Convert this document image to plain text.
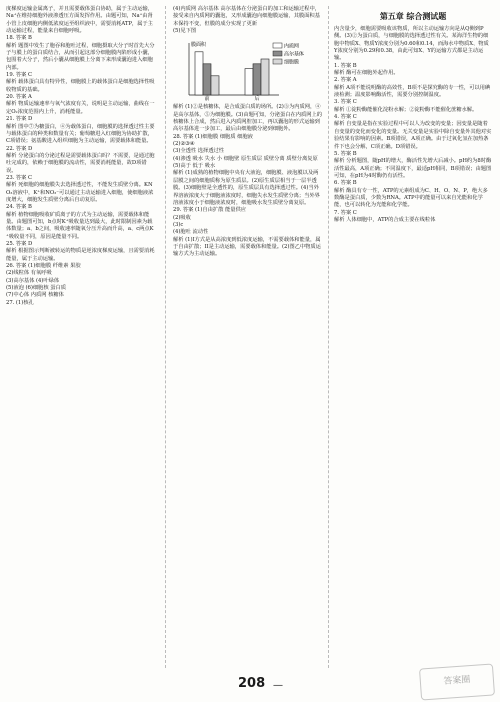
度梯度运输金属离子，并且需要载体蛋白协助，属于主动运输，

Na⁺在维持细胞外液渗透压方面发挥作用。由题可知，Na⁺由肾小管上皮细胞内侧低浓度运至组织液中，需要消耗ATP，属于主动运输过程，能量来自细胞呼吸。

18. 答案 B

解析 题图中发生了胞吞和胞吐过程，细胞摄取大分子时首先大分子与膜上的蛋白质结合，从而引起这部分细胞膜内陷形成小囊，包围着大分子，然后小囊从细胞膜上分离下来形成囊泡进入细胞内部。

19. 答案 C

解析 载体蛋白具有特异性，细胞膜上的载体蛋白是细胞选择性吸收物质的基础。

20. 答案 A

解析 物质运输速率与氧气浓度有关，说明是主动运输，曲线在一定O₂浓度范围内上升，消耗能量。

21. 答案 D

解析 图中⑦为糖蛋白，④为载体蛋白，细胞膜的选择透过性主要与载体蛋白的种类和数量有关；葡萄糖进入红细胞为协助扩散，C项错误；氨基酸进入组织细胞为主动运输，需要载体和能量。

22. 答案 D

解析 分泌蛋白的分泌过程是需要载体蛋白吗？不需要，是通过胞吐完成的，依赖于细胞膜的流动性，需要消耗能量，故D项错误。

23. 答案 C

解析 死细胞的细胞膜失去选择透过性，不能发生质壁分离。KNO₃溶液中，K⁺和NO₃⁻可以通过主动运输进入细胞，使细胞液浓度增大，细胞发生质壁分离后自动复原。

24. 答案 B

解析 植物细胞吸收矿质离子的方式为主动运输，需要载体和能量。由题图可知，b点时K⁺吸收量达到最大，此时限制因素为载体数量；a、b之间，吸收速率随氧分压升高而升高，a、c两点K⁺吸收量不同，原因是能量不同。

25. 答案 D

解析 根据图示判断被转运的物质是逆浓度梯度运输，且需要消耗能量，属于主动运输。

26. 答案 (1)细胞膜 纤维素 果胶

(2)线粒体 有氧呼吸

(3)高尔基体 (4)叶绿体

(5)液泡 (6)细胞核 蛋白质

(7)中心体 内质网 核糖体

27. (1)核孔

(4)内质网 高尔基体 高尔基体在分泌蛋白的加工和运输过程中，接受来自内质网的囊泡，又形成囊泡向细胞膜运输，其膜面积基本保持不变，但膜的成分实现了更新

(5)见下图

膜面积
前	后
内质网
高尔基体
细胞膜

解析 (1)②是核糖体，是合成蛋白质的场所。(2)③为内质网，④是高尔基体，⑤为细胞膜。(3)由题可知，分泌蛋白在内质网上的核糖体上合成，然后进入内质网腔加工，再以囊泡的形式运输到高尔基体进一步加工，最后由细胞膜分泌到细胞外。

28. 答案 (1)细胞膜 细胞质 细胞液

(2)②③④

(3)全透性 选择透过性

(4)渗透 吸水 失水 小 细胞壁 原生质层 质壁分离 质壁分离复原

(5)高于 低于 吸水

解析 (1)成熟的植物细胞中央有大液泡，细胞膜、液泡膜以及两层膜之间的细胞质称为原生质层。(2)原生质层相当于一层半透膜。(3)细胞壁是全透性的，原生质层具有选择透过性。(4)当外界溶液浓度大于细胞液浓度时，细胞失水发生质壁分离；当外界溶液浓度小于细胞液浓度时，细胞吸水发生质壁分离复原。

29. 答案 (1)自由扩散 能量供应

(2)吸收

(3)c

(4)胞吐 流动性

解析 (1)I方式是从高浓度到低浓度运输，不需要载体和能量，属于自由扩散；II是主动运输，需要载体和能量。(2)图乙中物质运输方式为主动运输。

第五章 综合测试题

内含量少，细胞需要吸收该物质，所以主动运输方向是从Q侧到P侧。(3)②为蛋白质，与细胞膜的选择透过性有关。某海洋生物的细胞中物质X、物质Y浓度分别为0.60和0.14，而海水中物质X、物质Y浓度分别为0.29和0.38，由此可知X、Y的运输方式都是主动运输。

1. 答案 B

解析 酶可在细胞外起作用。

2. 答案 A

解析 A项不能说明酶的高效性，B项不是探究酶的专一性，可以用碘液检测；温度影响酶活性，需要分别控制温度。

3. 答案 C

解析 ①淀粉酶能催化淀粉水解；②淀粉酶不能催化蔗糖水解。

4. 答案 C

解析 自变量是指在实验过程中可以人为改变的变量；因变量是随着自变量的变化而变化的变量。无关变量是实验中除自变量外其他对实验结果有影响的因素。B项错误，A项正确。由于过氧化氢在加热条件下也会分解，C项正确。D项错误。

5. 答案 B

解析 分析题图，随pH的增大，酶活性先增大后减小。pH约为8时酶活性最高，A项正确；不同温度下，最适pH相同，B项错误；由题图可知，在pH为4时酶仍有活性。

6. 答案 B

解析 酶具有专一性，ATP的元素组成为C、H、O、N、P，绝大多数酶是蛋白质，少数为RNA。ATP中的能量可以来自光能和化学能，也可以转化为光能和化学能。

7. 答案 C

解析 人体细胞中，ATP的合成主要在线粒体

208 —	答案圈
